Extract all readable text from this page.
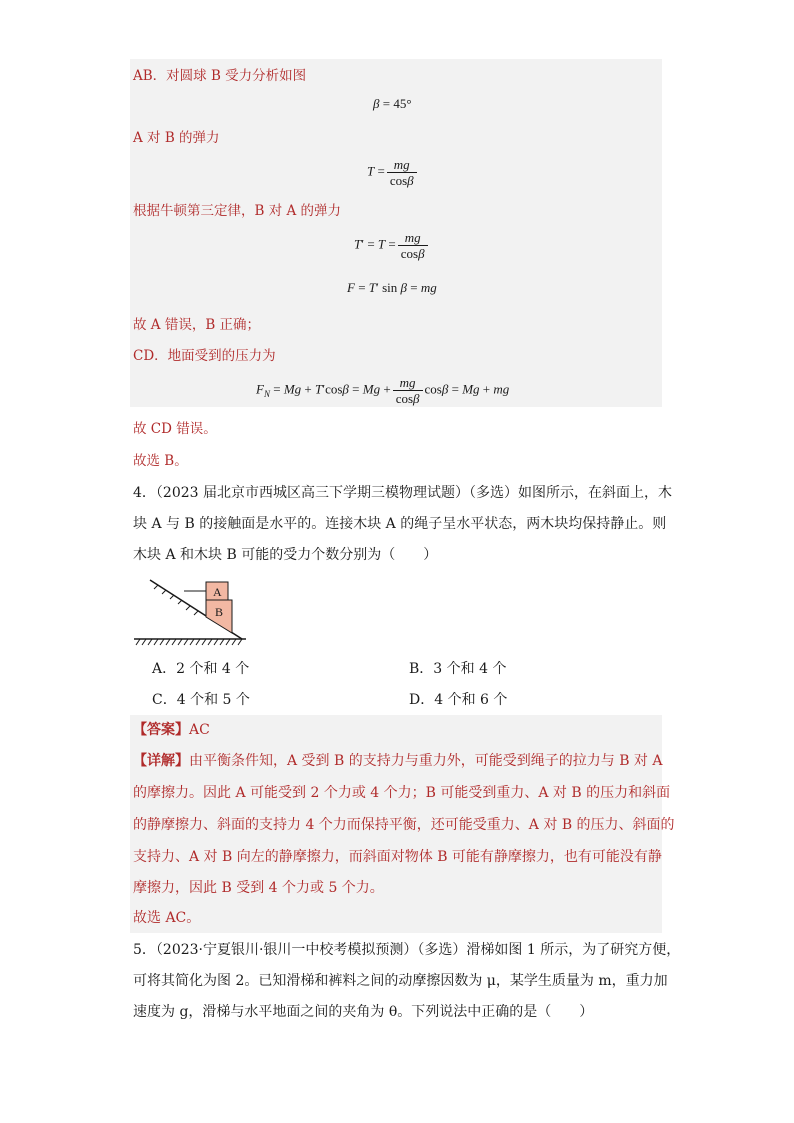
AB．对圆球 B 受力分析如图
β = 45°
A 对 B 的弹力
$T = \frac{mg}{\cos\beta}$
根据牛顿第三定律，B 对 A 的弹力
$T' = T = \frac{mg}{\cos\beta}$
F = T′ sin β = mg
故 A 错误，B 正确；
CD．地面受到的压力为
$F_N = Mg + T'\cos\beta = Mg + \frac{mg}{\cos\beta}$ cosβ = Mg + mg
故 CD 错误。
故选 B。
4．（2023 届北京市西城区高三下学期三模物理试题）（多选）如图所示，在斜面上，木
块 A 与 B 的接触面是水平的。连接木块 A 的绳子呈水平状态，两木块均保持静止。则
木块 A 和木块 B 可能的受力个数分别为（　　）
A
B
A．2 个和 4 个	B．3 个和 4 个
C．4 个和 5 个	D．4 个和 6 个
【答案】AC
【详解】由平衡条件知，A 受到 B 的支持力与重力外，可能受到绳子的拉力与 B 对 A
的摩擦力。因此 A 可能受到 2 个力或 4 个力；B 可能受到重力、A 对 B 的压力和斜面
的静摩擦力、斜面的支持力 4 个力而保持平衡，还可能受重力、A 对 B 的压力、斜面的
支持力、A 对 B 向左的静摩擦力，而斜面对物体 B 可能有静摩擦力，也有可能没有静
摩擦力，因此 B 受到 4 个力或 5 个力。
故选 AC。
5．（2023·宁夏银川·银川一中校考模拟预测）（多选）滑梯如图 1 所示，为了研究方便，
可将其简化为图 2。已知滑梯和裤料之间的动摩擦因数为 μ，某学生质量为 m，重力加
速度为 g，滑梯与水平地面之间的夹角为 θ。下列说法中正确的是（　　）
